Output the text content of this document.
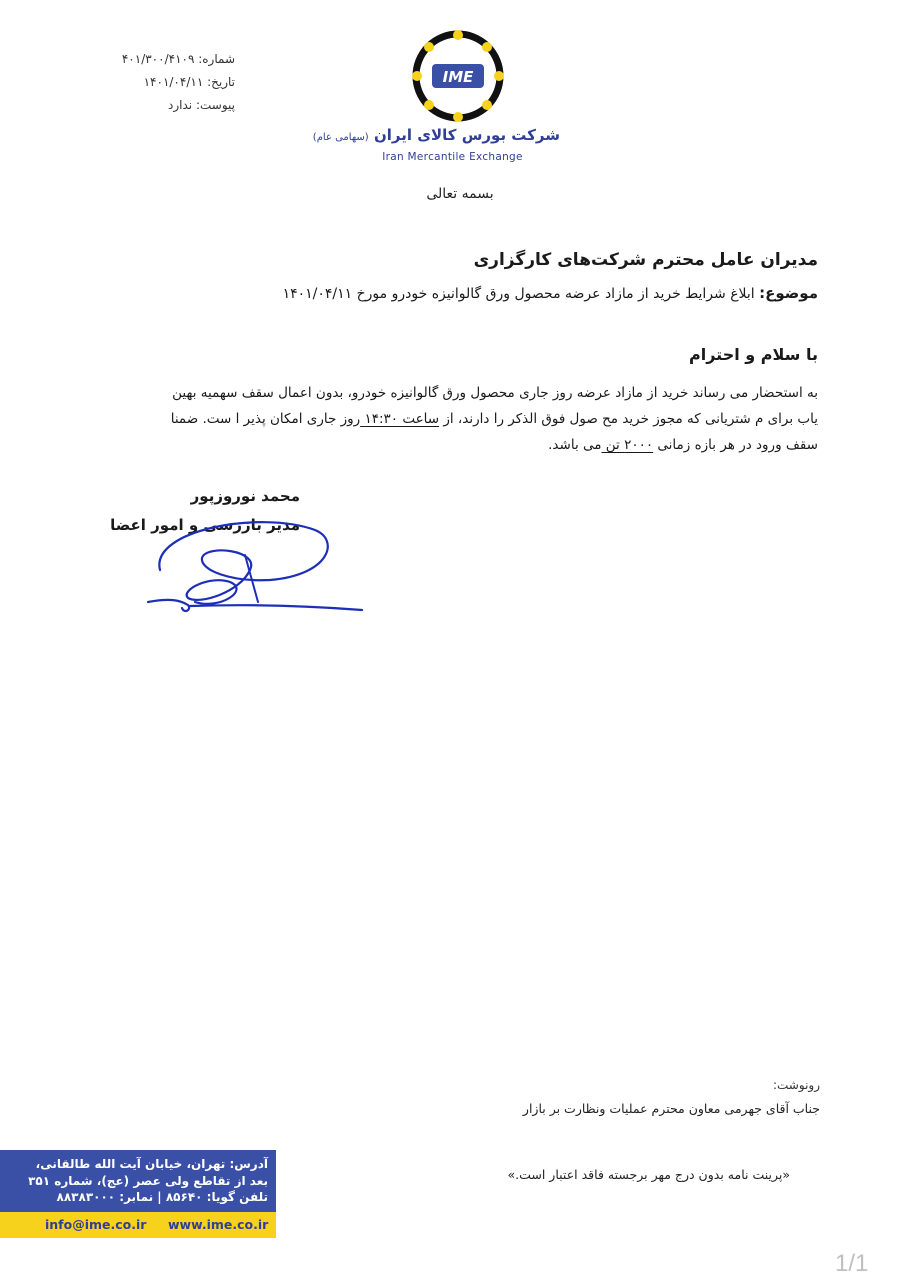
شماره: ۴۰۱/۳۰۰/۴۱۰۹
تاریخ: ۱۴۰۱/۰۴/۱۱
پیوست: ندارد
IME
شرکت بورس کالای ایران (سهامی عام)
Iran Mercantile Exchange
بسمه تعالی
مدیران عامل محترم شرکت‌های کارگزاری
موضوع: ابلاغ شرایط خرید از مازاد عرضه محصول ورق گالوانیزه خودرو مورخ ۱۴۰۱/۰۴/۱۱
با سلام و احترام

به استحضار می رساند خرید از مازاد عرضه روز جاری محصول ورق گالوانیزه خودرو، بدون اعمال سقف سهمیه بهین

یاب برای م شتریانی که مجوز خرید مح صول فوق الذکر را دارند، از ساعت ۱۴:۳۰ روز جاری امکان پذیر ا ست. ضمنا

سقف ورود در هر بازه زمانی ۲۰۰۰ تن می باشد.

محمد نوروزپور
مدیر بازرسی و امور اعضا
رونوشت:
جناب آقای جهرمی معاون محترم عملیات ونظارت بر بازار
«پرینت نامه بدون درج مهر برجسته فاقد اعتبار است.»
آدرس: تهران، خیابان آیت الله طالقانی،
بعد از تقاطع ولی عصر (عج)، شماره ۳۵۱
تلفن گویا: ۸۵۶۴۰ | نمابر: ۸۸۳۸۳۰۰۰
info@ime.co.ir www.ime.co.ir
1/1
